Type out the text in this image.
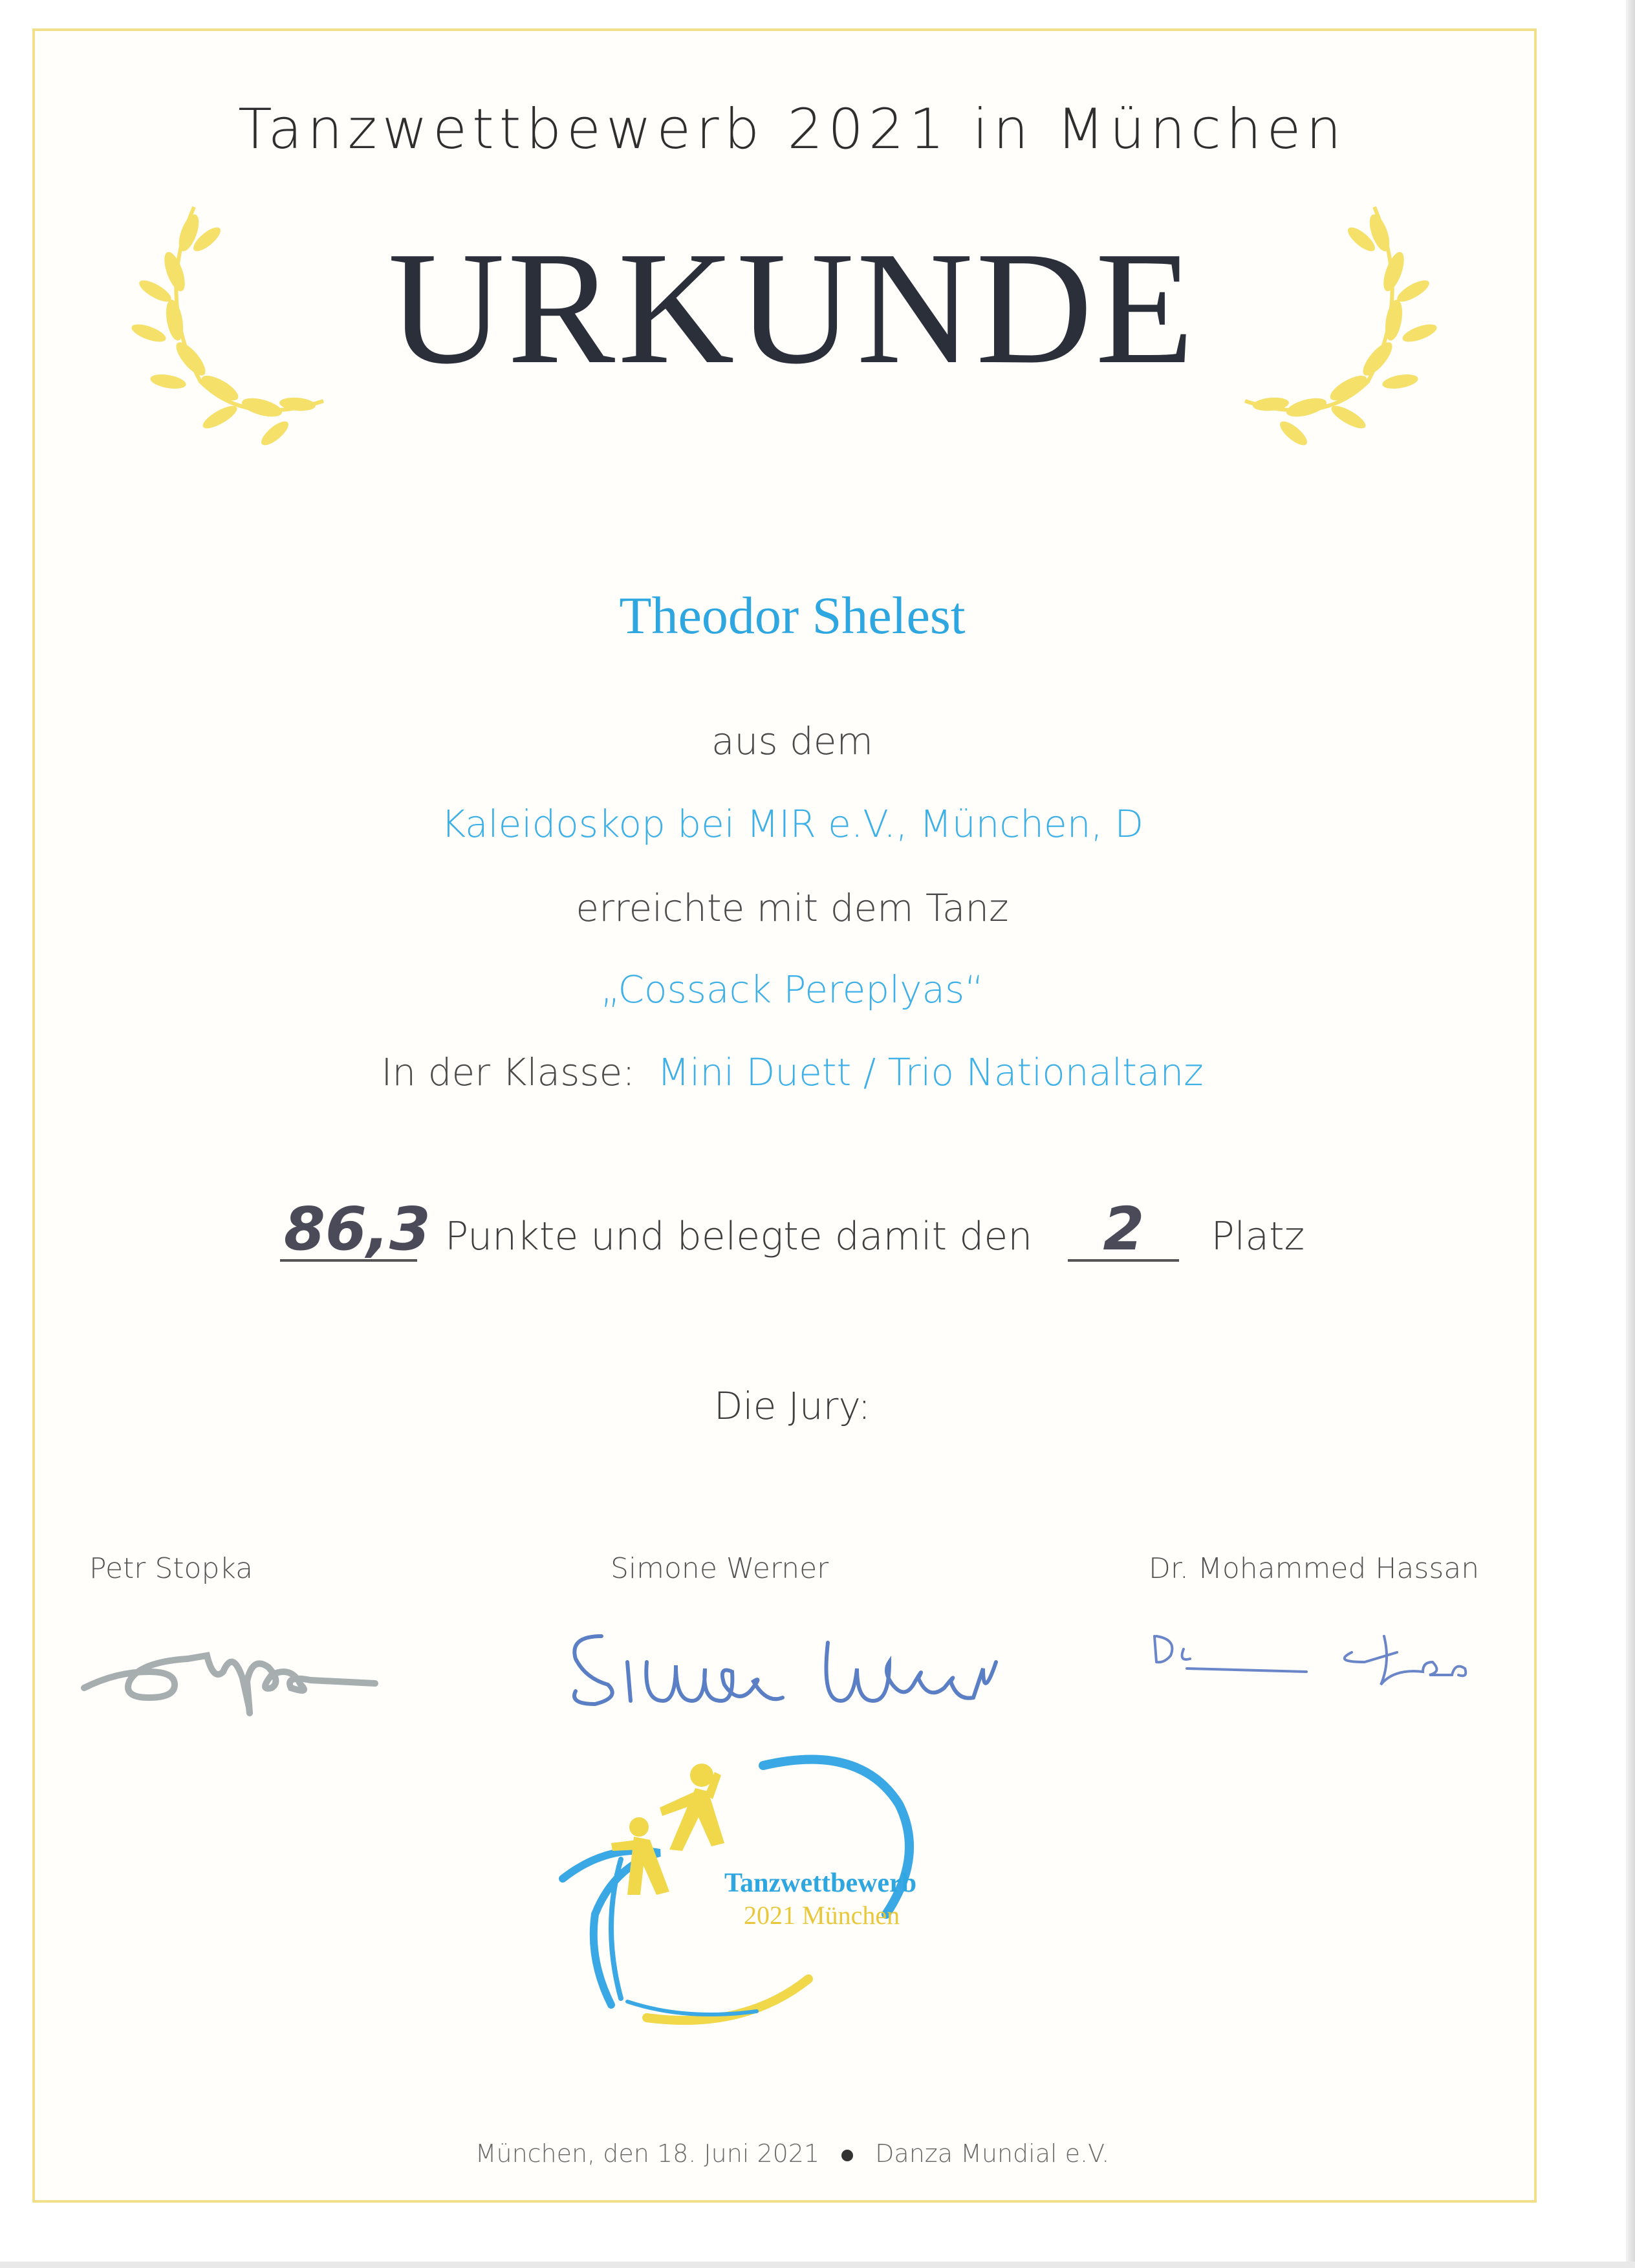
Tanzwettbewerb 2021 in München
URKUNDE
Theodor Shelest
aus dem
Kaleidoskop bei MIR e.V., München, D
erreichte mit dem Tanz
„Cossack Pereplyas“
In der Klasse: Mini Duett / Trio Nationaltanz
86,3 Punkte und belegte damit den 2 Platz
Die Jury:
Petr Stopka	Simone Werner	Dr. Mohammed Hassan
Tanzwettbewerb
2021 München
München, den 18. Juni 2021 Danza Mundial e.V.
